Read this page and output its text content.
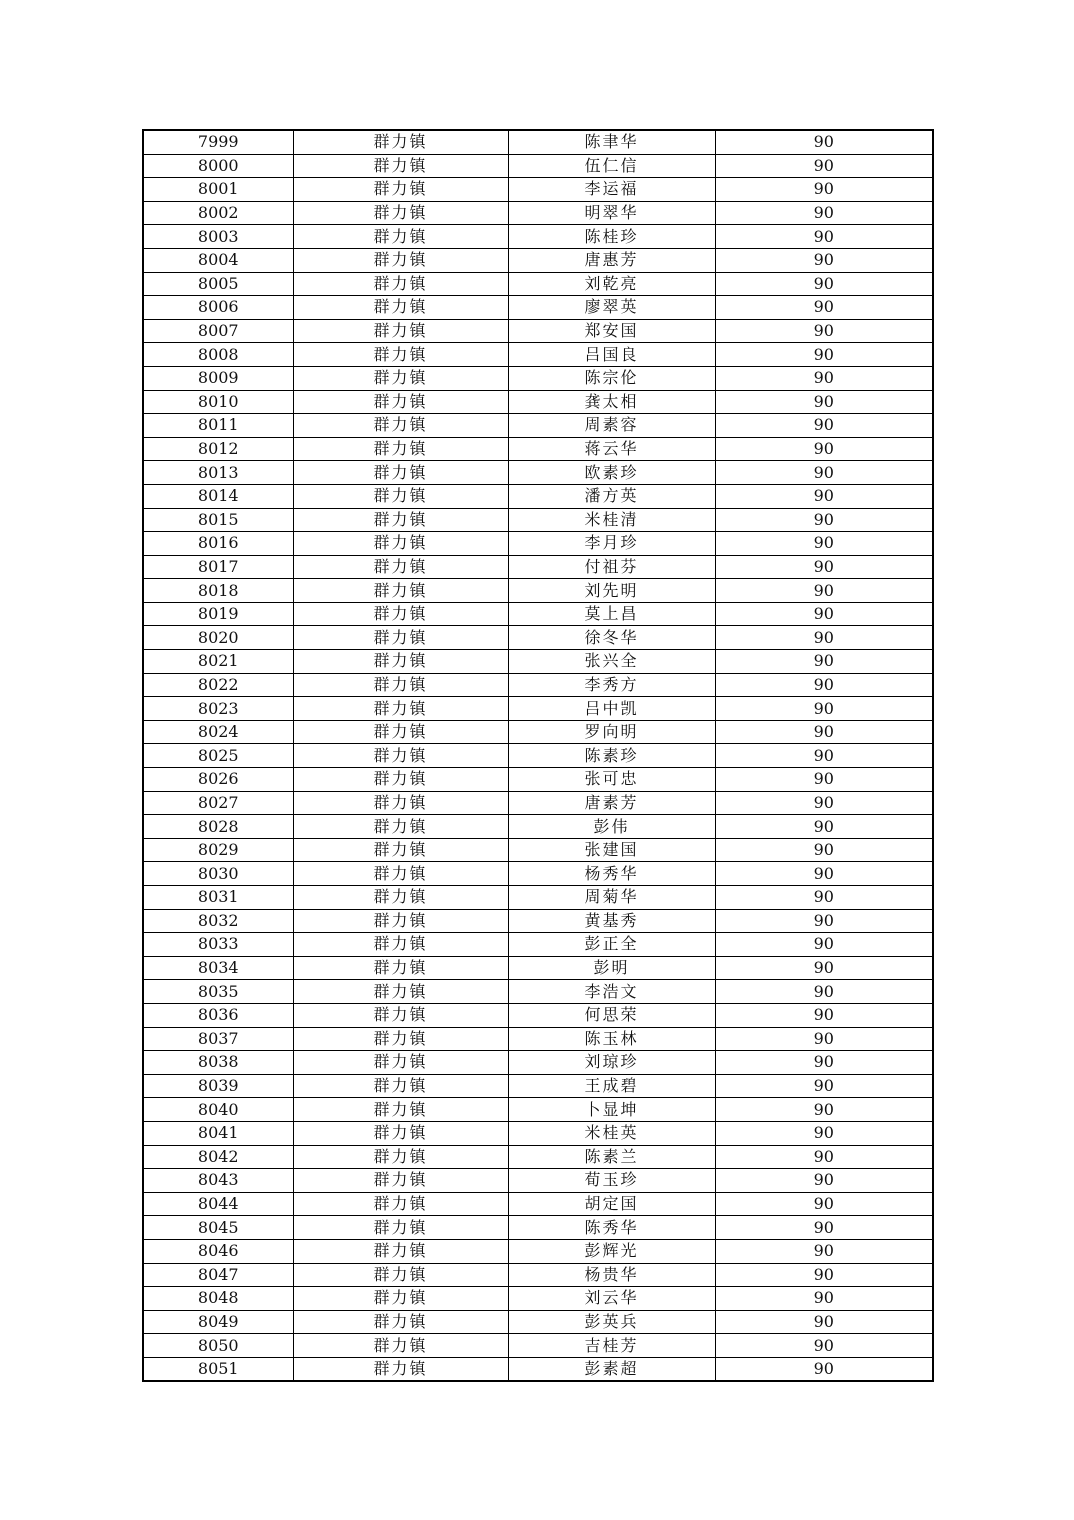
7999	群力镇	陈聿华	90
8000	群力镇	伍仁信	90
8001	群力镇	李运福	90
8002	群力镇	明翠华	90
8003	群力镇	陈桂珍	90
8004	群力镇	唐惠芳	90
8005	群力镇	刘乾亮	90
8006	群力镇	廖翠英	90
8007	群力镇	郑安国	90
8008	群力镇	吕国良	90
8009	群力镇	陈宗伦	90
8010	群力镇	龚太相	90
8011	群力镇	周素容	90
8012	群力镇	蒋云华	90
8013	群力镇	欧素珍	90
8014	群力镇	潘方英	90
8015	群力镇	米桂清	90
8016	群力镇	李月珍	90
8017	群力镇	付祖芬	90
8018	群力镇	刘先明	90
8019	群力镇	莫上昌	90
8020	群力镇	徐冬华	90
8021	群力镇	张兴全	90
8022	群力镇	李秀方	90
8023	群力镇	吕中凯	90
8024	群力镇	罗向明	90
8025	群力镇	陈素珍	90
8026	群力镇	张可忠	90
8027	群力镇	唐素芳	90
8028	群力镇	彭伟	90
8029	群力镇	张建国	90
8030	群力镇	杨秀华	90
8031	群力镇	周菊华	90
8032	群力镇	黄基秀	90
8033	群力镇	彭正全	90
8034	群力镇	彭明	90
8035	群力镇	李浩文	90
8036	群力镇	何思荣	90
8037	群力镇	陈玉林	90
8038	群力镇	刘琼珍	90
8039	群力镇	王成碧	90
8040	群力镇	卜显坤	90
8041	群力镇	米桂英	90
8042	群力镇	陈素兰	90
8043	群力镇	荀玉珍	90
8044	群力镇	胡定国	90
8045	群力镇	陈秀华	90
8046	群力镇	彭辉光	90
8047	群力镇	杨贵华	90
8048	群力镇	刘云华	90
8049	群力镇	彭英兵	90
8050	群力镇	吉桂芳	90
8051	群力镇	彭素超	90
